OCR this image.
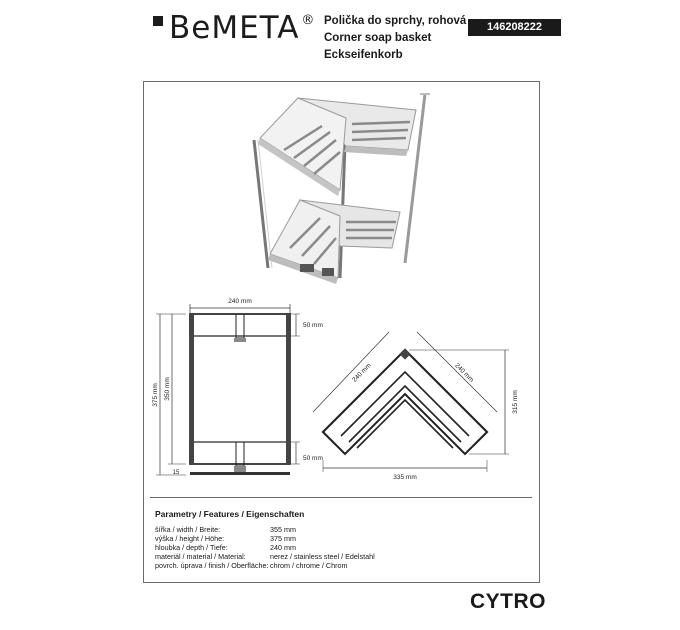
BeMETA ® Polička do sprchy, rohová
Corner soap basket
Eckseifenkorb
146208222
240 mm
375 mm 350 mm
15
50 mm
50 mm
240 mm	240 mm
335 mm
315 mm
Parametry / Features / Eigenschaften
šířka / width / Breite:	355 mm
výška / height / Höhe:	375 mm
hloubka / depth / Tiefe:	240 mm
materiál / material / Material:	nerez / stainless steel / Edelstahl
povrch. úprava / finish / Oberfläche: chrom / chrome / Chrom
CYTRO
